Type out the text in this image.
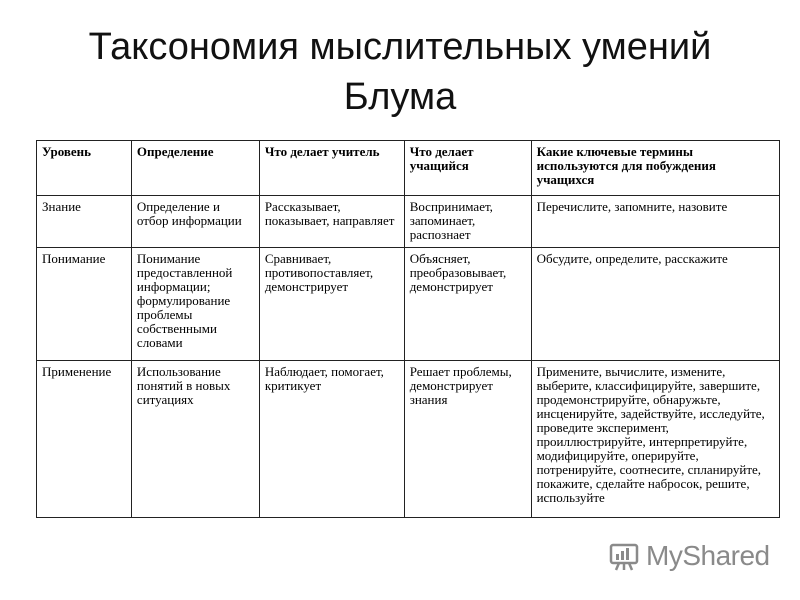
Таксономия мыслительных умений
Блума
Уровень	Определение	Что делает учитель	Что делает учащийся	Какие ключевые термины используются для побуждения учащихся
Знание	Определение и отбор информации	Рассказывает, показывает, направляет	Воспринимает, запоминает, распознает	Перечислите, запомните, назовите
Понимание	Понимание предоставленной информации; формулирование проблемы собственными словами	Сравнивает, противопоставляет, демонстрирует	Объясняет, преобразовывает, демонстрирует	Обсудите, определите, расскажите
Применение	Использование понятий в новых ситуациях	Наблюдает, помогает, критикует	Решает проблемы, демонстрирует знания	Примените, вычислите, измените, выберите, классифицируйте, завершите, продемонстрируйте, обнаружьте, инсценируйте, задействуйте, исследуйте, проведите эксперимент, проиллюстрируйте, интерпретируйте, модифицируйте, оперируйте, потренируйте, соотнесите, спланируйте, покажите, сделайте набросок, решите, используйте
MyShared
